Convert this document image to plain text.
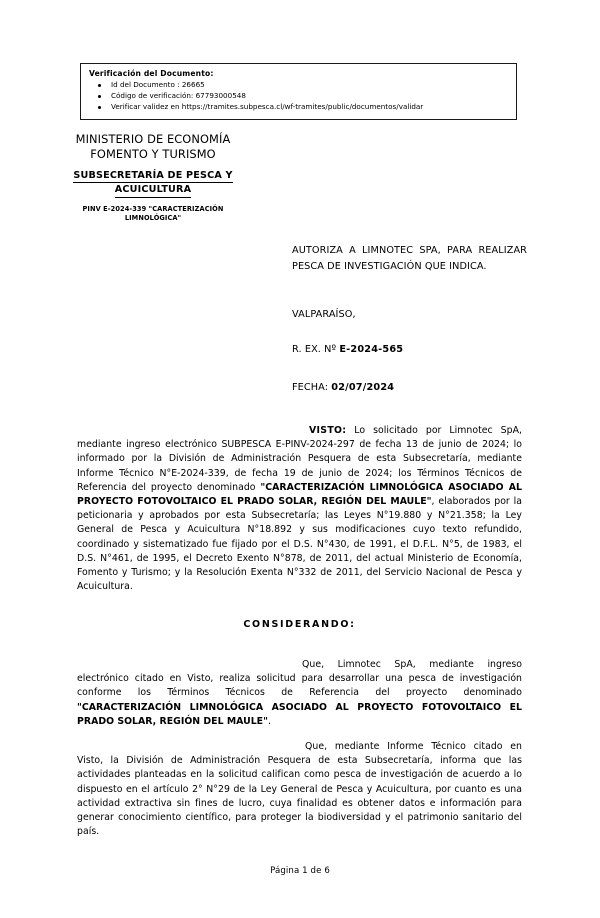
Verificación del Documento:
Id del Documento : 26665
Código de verificación: 67793000548
Verificar validez en https://tramites.subpesca.cl/wf-tramites/public/documentos/validar
MINISTERIO DE ECONOMÍA
FOMENTO Y TURISMO
SUBSECRETARÍA DE PESCA Y
ACUICULTURA
PINV E-2024-339 "CARACTERIZACIÓN
LIMNOLÓGICA"
AUTORIZA A LIMNOTEC SPA, PARA REALIZAR PESCA DE INVESTIGACIÓN QUE INDICA.
VALPARAÍSO,
R. EX. Nº E-2024-565
FECHA: 02/07/2024

VISTO: Lo solicitado por Limnotec SpA, mediante ingreso electrónico SUBPESCA E-PINV-2024-297 de fecha 13 de junio de 2024; lo informado por la División de Administración Pesquera de esta Subsecretaría, mediante Informe Técnico N°E-2024-339, de fecha 19 de junio de 2024; los Términos Técnicos de Referencia del proyecto denominado "CARACTERIZACIÓN LIMNOLÓGICA ASOCIADO AL PROYECTO FOTOVOLTAICO EL PRADO SOLAR, REGIÓN DEL MAULE", elaborados por la peticionaria y aprobados por esta Subsecretaría; las Leyes N°19.880 y N°21.358; la Ley General de Pesca y Acuicultura N°18.892 y sus modificaciones cuyo texto refundido, coordinado y sistematizado fue fijado por el D.S. N°430, de 1991, el D.F.L. N°5, de 1983, el D.S. N°461, de 1995, el Decreto Exento N°878, de 2011, del actual Ministerio de Economía, Fomento y Turismo; y la Resolución Exenta N°332 de 2011, del Servicio Nacional de Pesca y Acuicultura.

CONSIDERANDO:

Que, Limnotec SpA, mediante ingreso electrónico citado en Visto, realiza solicitud para desarrollar una pesca de investigación conforme los Términos Técnicos de Referencia del proyecto denominado "CARACTERIZACIÓN LIMNOLÓGICA ASOCIADO AL PROYECTO FOTOVOLTAICO EL PRADO SOLAR, REGIÓN DEL MAULE".

Que, mediante Informe Técnico citado en Visto, la División de Administración Pesquera de esta Subsecretaría, informa que las actividades planteadas en la solicitud califican como pesca de investigación de acuerdo a lo dispuesto en el artículo 2° N°29 de la Ley General de Pesca y Acuicultura, por cuanto es una actividad extractiva sin fines de lucro, cuya finalidad es obtener datos e información para generar conocimiento científico, para proteger la biodiversidad y el patrimonio sanitario del país.

Página 1 de 6
